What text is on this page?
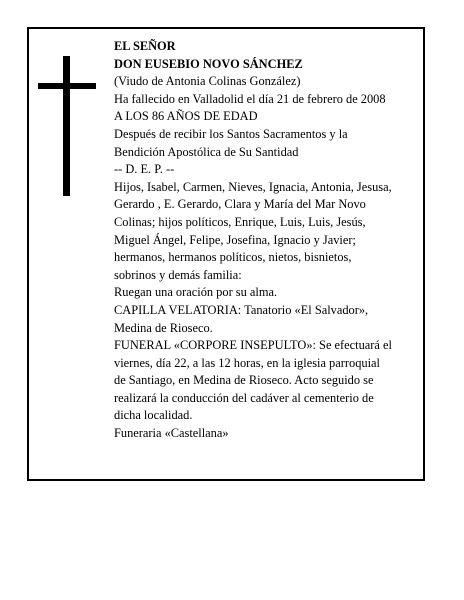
EL SEÑOR
DON EUSEBIO NOVO SÁNCHEZ
(Viudo de Antonia Colinas González)
Ha fallecido en Valladolid el día 21 de febrero de 2008
A LOS 86 AÑOS DE EDAD
Después de recibir los Santos Sacramentos y la
Bendición Apostólica de Su Santidad
-- D. E. P. --
Hijos, Isabel, Carmen, Nieves, Ignacia, Antonia, Jesusa,
Gerardo , E. Gerardo, Clara y María del Mar Novo
Colinas; hijos políticos, Enrique, Luis, Luis, Jesús,
Miguel Ángel, Felipe, Josefina, Ignacio y Javier;
hermanos, hermanos políticos, nietos, bisnietos,
sobrinos y demás familia:
Ruegan una oración por su alma.
CAPILLA VELATORIA: Tanatorio «El Salvador»,
Medina de Rioseco.
FUNERAL «CORPORE INSEPULTO»: Se efectuará el
viernes, día 22, a las 12 horas, en la iglesia parroquial
de Santiago, en Medina de Rioseco. Acto seguido se
realizará la conducción del cadáver al cementerio de
dicha localidad.
Funeraria «Castellana»
